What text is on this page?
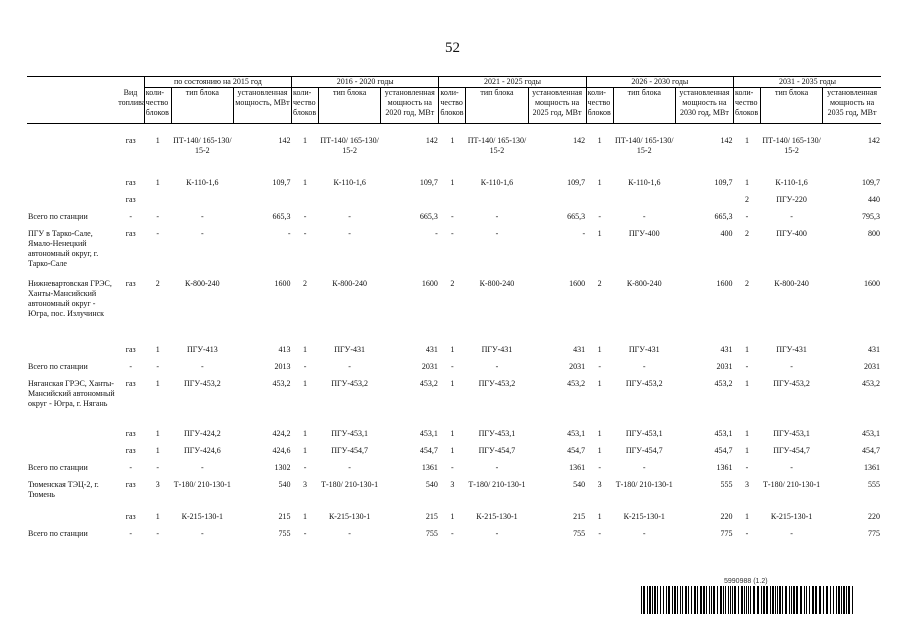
52
		по состоянию на 2015 год			2016 - 2020 годы			2021 - 2025 годы			2026 - 2030 годы			2031 - 2035 годы		
	Вид топлива	коли-чество блоков	тип блока	установленная мощность, МВт	коли-чество блоков	тип блока	установленная мощность на 2020 год, МВт	коли-чество блоков	тип блока	установленная мощность на 2025 год, МВт	коли-чество блоков	тип блока	установленная мощность на 2030 год, МВт	коли-чество блоков	тип блока	установленная мощность на 2035 год, МВт

	газ	1	ПТ-140/ 165-130/ 15-2	142	1	ПТ-140/ 165-130/ 15-2	142	1	ПТ-140/ 165-130/ 15-2	142	1	ПТ-140/ 165-130/ 15-2	142	1	ПТ-140/ 165-130/ 15-2	142
	газ	1	К-110-1,6	109,7	1	К-110-1,6	109,7	1	К-110-1,6	109,7	1	К-110-1,6	109,7	1	К-110-1,6	109,7
	газ													2	ПГУ-220	440
Всего по станции	-	-	-	665,3	-	-	665,3	-	-	665,3	-	-	665,3	-	-	795,3
ПГУ в Тарко-Сале, Ямало-Ненецкий автономный округ, г. Тарко-Сале	газ	-	-	-	-	-	-	-	-	-	1	ПГУ-400	400	2	ПГУ-400	800
Нижневартовская ГРЭС, Ханты-Мансийский автономный округ - Югра, пос. Излучинск	газ	2	К-800-240	1600	2	К-800-240	1600	2	К-800-240	1600	2	К-800-240	1600	2	К-800-240	1600
	газ	1	ПГУ-413	413	1	ПГУ-431	431	1	ПГУ-431	431	1	ПГУ-431	431	1	ПГУ-431	431
Всего по станции	-	-	-	2013	-	-	2031	-	-	2031	-	-	2031	-	-	2031
Няганская ГРЭС, Ханты-Мансийский автономный округ - Югра, г. Нягань	газ	1	ПГУ-453,2	453,2	1	ПГУ-453,2	453,2	1	ПГУ-453,2	453,2	1	ПГУ-453,2	453,2	1	ПГУ-453,2	453,2
	газ	1	ПГУ-424,2	424,2	1	ПГУ-453,1	453,1	1	ПГУ-453,1	453,1	1	ПГУ-453,1	453,1	1	ПГУ-453,1	453,1
	газ	1	ПГУ-424,6	424,6	1	ПГУ-454,7	454,7	1	ПГУ-454,7	454,7	1	ПГУ-454,7	454,7	1	ПГУ-454,7	454,7
Всего по станции	-	-	-	1302	-	-	1361	-	-	1361	-	-	1361	-	-	1361
Тюменская ТЭЦ-2, г. Тюмень	газ	3	Т-180/ 210-130-1	540	3	Т-180/ 210-130-1	540	3	Т-180/ 210-130-1	540	3	Т-180/ 210-130-1	555	3	Т-180/ 210-130-1	555
	газ	1	К-215-130-1	215	1	К-215-130-1	215	1	К-215-130-1	215	1	К-215-130-1	220	1	К-215-130-1	220
Всего по станции	-	-	-	755	-	-	755	-	-	755	-	-	775	-	-	775
5990988 (1.2)
